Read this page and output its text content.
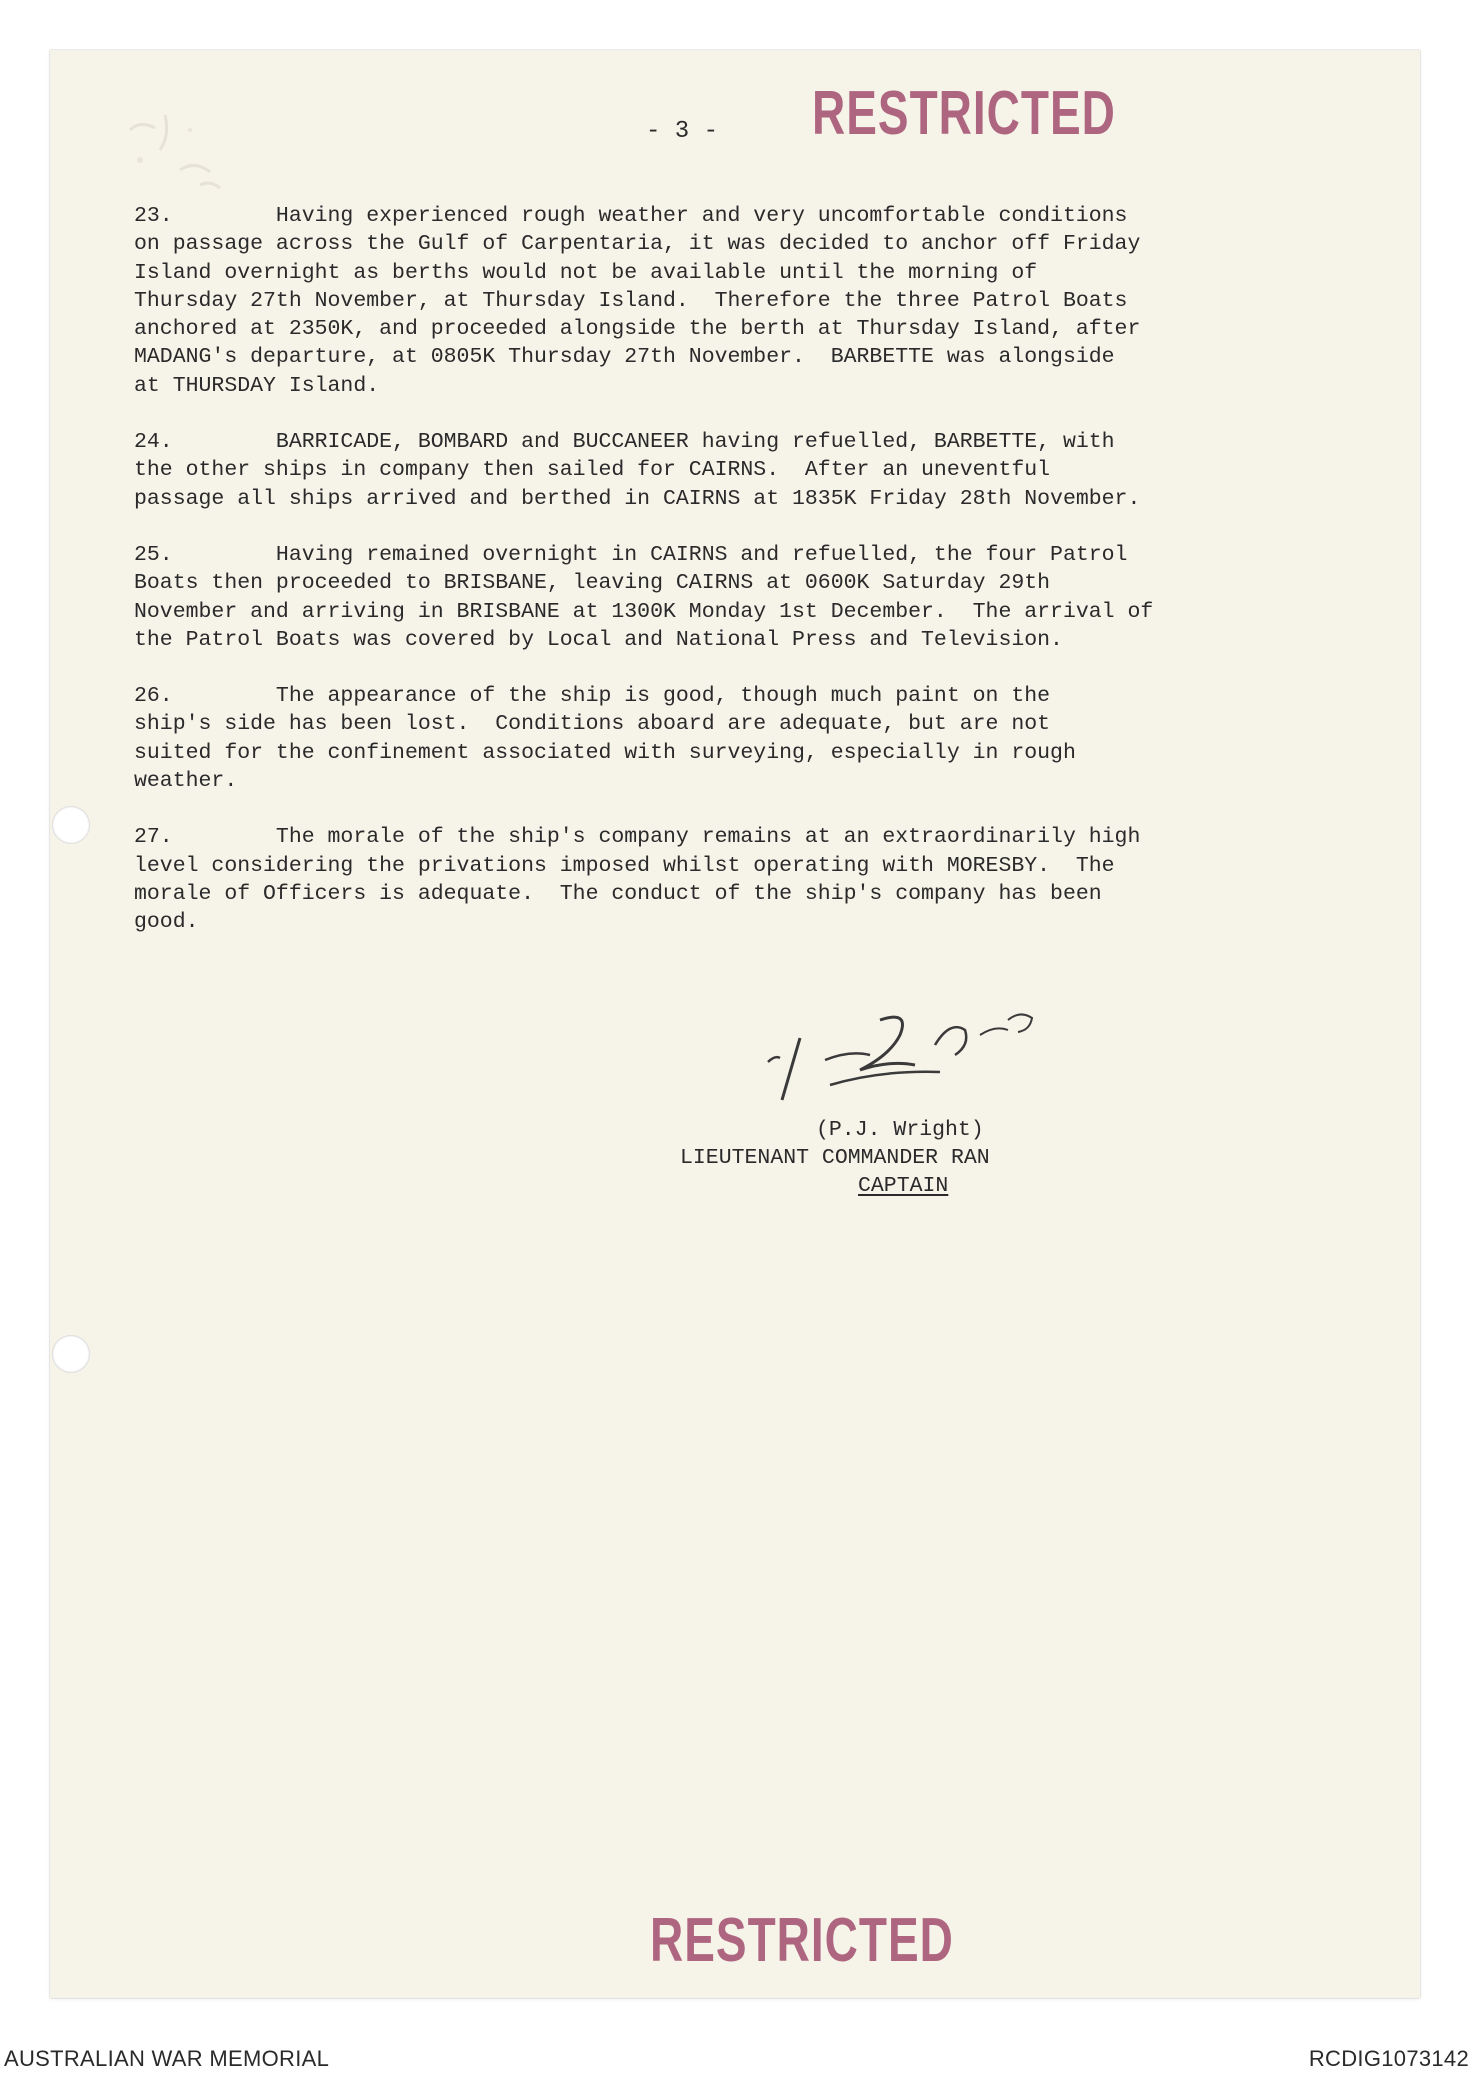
RESTRICTED
- 3 -
23.        Having experienced rough weather and very uncomfortable conditions
on passage across the Gulf of Carpentaria, it was decided to anchor off Friday
Island overnight as berths would not be available until the morning of
Thursday 27th November, at Thursday Island.  Therefore the three Patrol Boats
anchored at 2350K, and proceeded alongside the berth at Thursday Island, after
MADANG's departure, at 0805K Thursday 27th November.  BARBETTE was alongside
at THURSDAY Island.
24.        BARRICADE, BOMBARD and BUCCANEER having refuelled, BARBETTE, with
the other ships in company then sailed for CAIRNS.  After an uneventful
passage all ships arrived and berthed in CAIRNS at 1835K Friday 28th November.
25.        Having remained overnight in CAIRNS and refuelled, the four Patrol
Boats then proceeded to BRISBANE, leaving CAIRNS at 0600K Saturday 29th
November and arriving in BRISBANE at 1300K Monday 1st December.  The arrival of
the Patrol Boats was covered by Local and National Press and Television.
26.        The appearance of the ship is good, though much paint on the
ship's side has been lost.  Conditions aboard are adequate, but are not
suited for the confinement associated with surveying, especially in rough
weather.
27.        The morale of the ship's company remains at an extraordinarily high
level considering the privations imposed whilst operating with MORESBY.  The
morale of Officers is adequate.  The conduct of the ship's company has been
good.
(P.J. Wright)
LIEUTENANT COMMANDER RAN
CAPTAIN
RESTRICTED
AUSTRALIAN WAR MEMORIAL	RCDIG1073142
